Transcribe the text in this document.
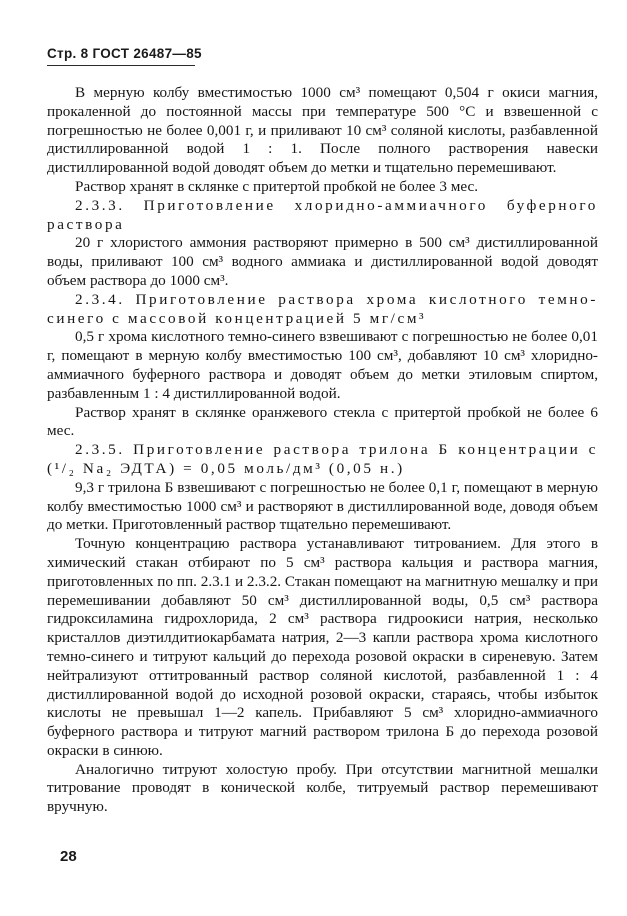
Стр. 8 ГОСТ 26487—85

В мерную колбу вместимостью 1000 см³ помещают 0,504 г окиси магния, прокаленной до постоянной массы при температуре 500 °С и взвешенной с погрешностью не более 0,001 г, и приливают 10 см³ соляной кислоты, разбавленной дистиллированной водой 1 : 1. После полного растворения навески дистиллированной водой доводят объем до метки и тщательно перемешивают.

Раствор хранят в склянке с притертой пробкой не более 3 мес.

2.3.3. Приготовление хлоридно-аммиачного буферного раствора

20 г хлористого аммония растворяют примерно в 500 см³ дистиллированной воды, приливают 100 см³ водного аммиака и дистиллированной водой доводят объем раствора до 1000 см³.

2.3.4. Приготовление раствора хрома кислотного темно-синего с массовой концентрацией 5 мг/см³

0,5 г хрома кислотного темно-синего взвешивают с погрешностью не более 0,01 г, помещают в мерную колбу вместимостью 100 см³, добавляют 10 см³ хлоридно-аммиачного буферного раствора и доводят объем до метки этиловым спиртом, разбавленным 1 : 4 дистиллированной водой.

Раствор хранят в склянке оранжевого стекла с притертой пробкой не более 6 мес.

2.3.5. Приготовление раствора трилона Б концентрации c (¹/₂ Na₂ ЭДТА) = 0,05 моль/дм³ (0,05 н.)

9,3 г трилона Б взвешивают с погрешностью не более 0,1 г, помещают в мерную колбу вместимостью 1000 см³ и растворяют в дистиллированной воде, доводя объем до метки. Приготовленный раствор тщательно перемешивают.

Точную концентрацию раствора устанавливают титрованием. Для этого в химический стакан отбирают по 5 см³ раствора кальция и раствора магния, приготовленных по пп. 2.3.1 и 2.3.2. Стакан помещают на магнитную мешалку и при перемешивании добавляют 50 см³ дистиллированной воды, 0,5 см³ раствора гидроксиламина гидрохлорида, 2 см³ раствора гидроокиси натрия, несколько кристаллов диэтилдитиокарбамата натрия, 2—3 капли раствора хрома кислотного темно-синего и титруют кальций до перехода розовой окраски в сиреневую. Затем нейтрализуют оттитрованный раствор соляной кислотой, разбавленной 1 : 4 дистиллированной водой до исходной розовой окраски, стараясь, чтобы избыток кислоты не превышал 1—2 капель. Прибавляют 5 см³ хлоридно-аммиачного буферного раствора и титруют магний раствором трилона Б до перехода розовой окраски в синюю.

Аналогично титруют холостую пробу. При отсутствии магнитной мешалки титрование проводят в конической колбе, титруемый раствор перемешивают вручную.

28
